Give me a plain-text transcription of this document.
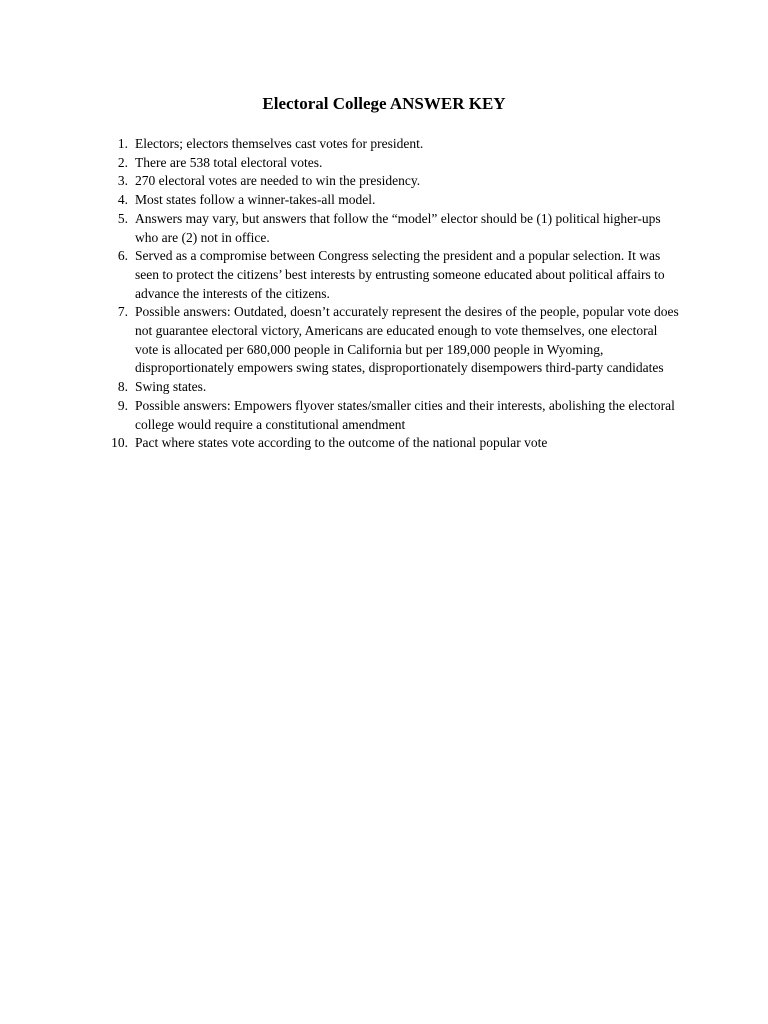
Electoral College ANSWER KEY
1. Electors; electors themselves cast votes for president.
2. There are 538 total electoral votes.
3. 270 electoral votes are needed to win the presidency.
4. Most states follow a winner-takes-all model.
5. Answers may vary, but answers that follow the “model” elector should be (1) political higher-ups who are (2) not in office.
6. Served as a compromise between Congress selecting the president and a popular selection. It was seen to protect the citizens’ best interests by entrusting someone educated about political affairs to advance the interests of the citizens.
7. Possible answers: Outdated, doesn’t accurately represent the desires of the people, popular vote does not guarantee electoral victory, Americans are educated enough to vote themselves, one electoral vote is allocated per 680,000 people in California but per 189,000 people in Wyoming, disproportionately empowers swing states, disproportionately disempowers third-party candidates
8. Swing states.
9. Possible answers: Empowers flyover states/smaller cities and their interests, abolishing the electoral college would require a constitutional amendment
10. Pact where states vote according to the outcome of the national popular vote
